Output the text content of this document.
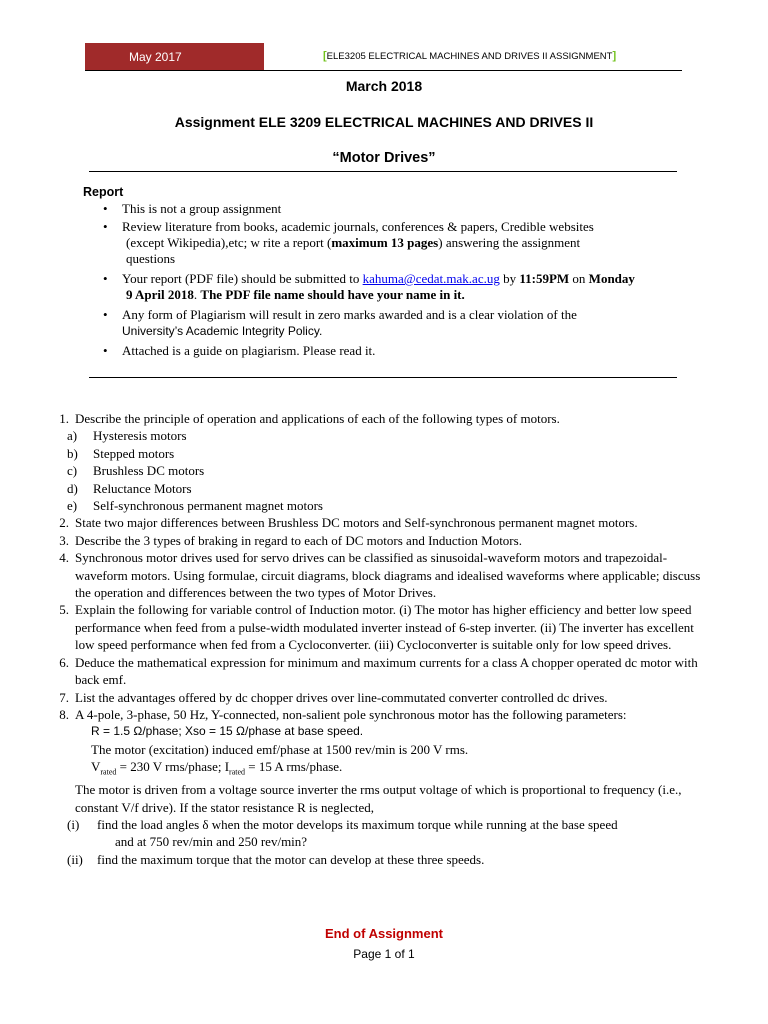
May 2017	[ELE3205 ELECTRICAL MACHINES AND DRIVES II ASSIGNMENT]
March 2018
Assignment ELE 3209 ELECTRICAL MACHINES AND DRIVES II
“Motor Drives”
Report
• This is not a group assignment
• Review literature from books, academic journals, conferences & papers, Credible websites
(except Wikipedia),etc; w rite a report (maximum 13 pages) answering the assignment
questions
• Your report (PDF file) should be submitted to kahuma@cedat.mak.ac.ug by 11:59PM on Monday
9 April 2018. The PDF file name should have your name in it.
• Any form of Plagiarism will result in zero marks awarded and is a clear violation of the
University’s Academic Integrity Policy.
• Attached is a guide on plagiarism. Please read it.
1. Describe the principle of operation and applications of each of the following types of motors.
a) Hysteresis motors
b) Stepped motors
c) Brushless DC motors
d) Reluctance Motors
e) Self-synchronous permanent magnet motors
2. State two major differences between Brushless DC motors and Self-synchronous permanent magnet motors.
3. Describe the 3 types of braking in regard to each of DC motors and Induction Motors.
4. Synchronous motor drives used for servo drives can be classified as sinusoidal-waveform motors and trapezoidal-waveform motors. Using formulae, circuit diagrams, block diagrams and idealised waveforms where applicable; discuss the operation and differences between the two types of Motor Drives.
5. Explain the following for variable control of Induction motor. (i) The motor has higher efficiency and better low speed performance when feed from a pulse-width modulated inverter instead of 6-step inverter. (ii) The inverter has excellent low speed performance when fed from a Cycloconverter. (iii) Cycloconverter is suitable only for low speed drives.
6. Deduce the mathematical expression for minimum and maximum currents for a class A chopper operated dc motor with back emf.
7. List the advantages offered by dc chopper drives over line-commutated converter controlled dc drives.
8. A 4-pole, 3-phase, 50 Hz, Y-connected, non-salient pole synchronous motor has the following parameters:
R = 1.5 Ω/phase; Xso = 15 Ω/phase at base speed.
The motor (excitation) induced emf/phase at 1500 rev/min is 200 V rms.
$V_{rated} = 230$ V rms/phase; $I_{rated} = 15$ A rms/phase.
The motor is driven from a voltage source inverter the rms output voltage of which is proportional to frequency (i.e., constant V/f drive). If the stator resistance R is neglected,
(i) find the load angles δ when the motor develops its maximum torque while running at the base speed
and at 750 rev/min and 250 rev/min?
(ii) find the maximum torque that the motor can develop at these three speeds.
End of Assignment
Page 1 of 1
